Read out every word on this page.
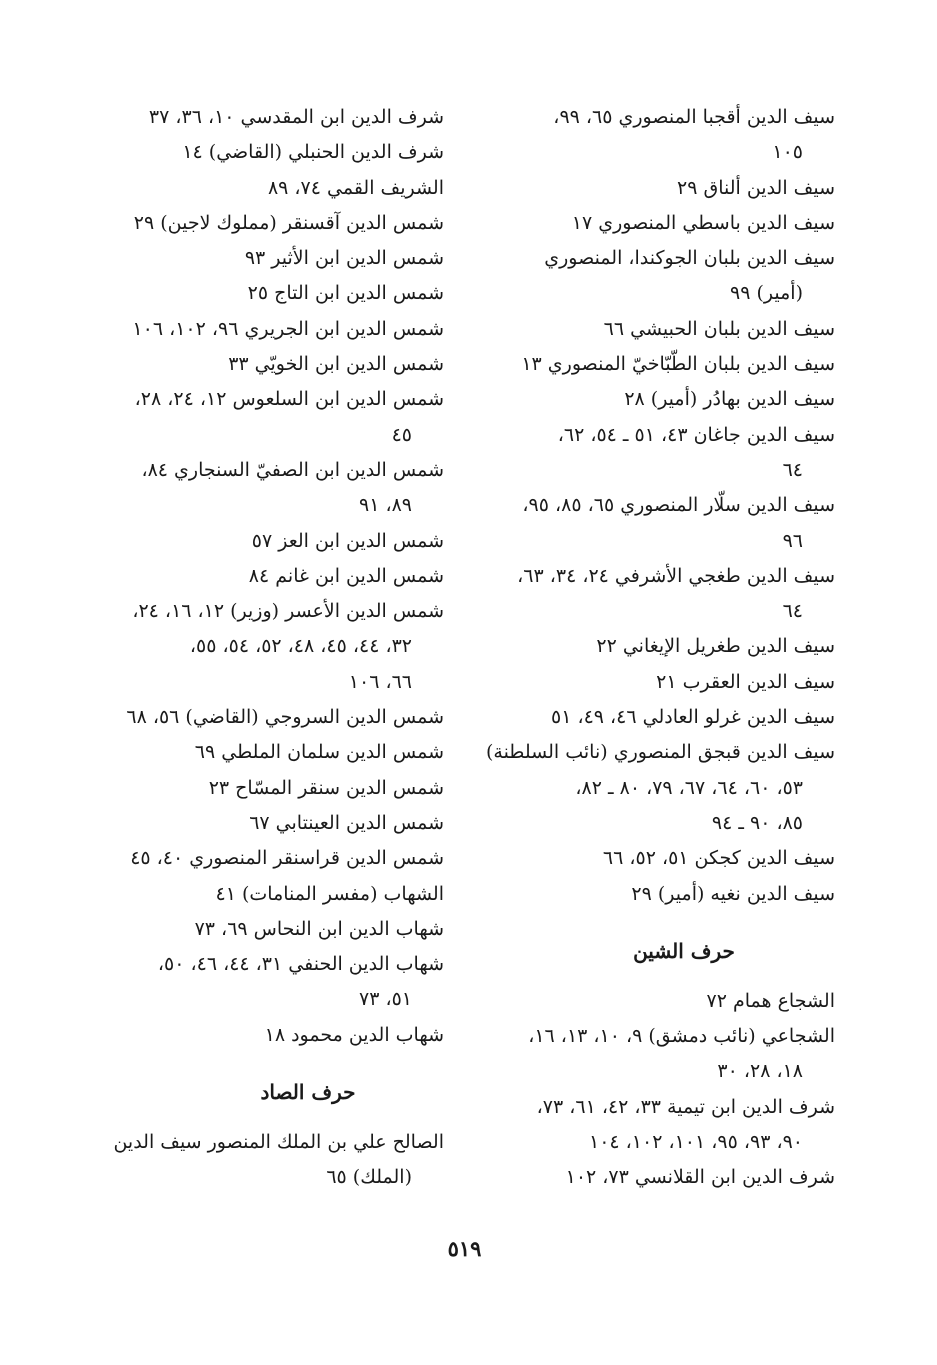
سيف الدين أقجبا المنصوري ٦٥، ٩٩،
١٠٥
سيف الدين ألناق ٢٩
سيف الدين باسطي المنصوري ١٧
سيف الدين بلبان الجوكندا، المنصوري
(أمير) ٩٩
سيف الدين بلبان الحبيشي ٦٦
سيف الدين بلبان الطّبّاخيّ المنصوري ١٣
سيف الدين بهادُر (أمير) ٢٨
سيف الدين جاغان ٤٣، ٥١ ـ ٥٤، ٦٢،
٦٤
سيف الدين سلّار المنصوري ٦٥، ٨٥، ٩٥،
٩٦
سيف الدين طغجي الأشرفي ٢٤، ٣٤، ٦٣،
٦٤
سيف الدين طغريل الإيغاني ٢٢
سيف الدين العقرب ٢١
سيف الدين غرلو العادلي ٤٦، ٤٩، ٥١
سيف الدين قبجق المنصوري (نائب السلطنة)
٥٣، ٦٠، ٦٤، ٦٧، ٧٩، ٨٠ ـ ٨٢،
٨٥، ٩٠ ـ ٩٤
سيف الدين كجكن ٥١، ٥٢، ٦٦
سيف الدين نغيه (أمير) ٢٩
حرف الشين
الشجاع همام ٧٢
الشجاعي (نائب دمشق) ٩، ١٠، ١٣، ١٦،
١٨، ٢٨، ٣٠
شرف الدين ابن تيمية ٣٣، ٤٢، ٦١، ٧٣،
٩٠، ٩٣، ٩٥، ١٠١، ١٠٢، ١٠٤
شرف الدين ابن القلانسي ٧٣، ١٠٢
شرف الدين ابن المقدسي ١٠، ٣٦، ٣٧
شرف الدين الحنبلي (القاضي) ١٤
الشريف القمي ٧٤، ٨٩
شمس الدين آقسنقر (مملوك لاجين) ٢٩
شمس الدين ابن الأثير ٩٣
شمس الدين ابن التاج ٢٥
شمس الدين ابن الجريري ٩٦، ١٠٢، ١٠٦
شمس الدين ابن الخويّي ٣٣
شمس الدين ابن السلعوس ١٢، ٢٤، ٢٨،
٤٥
شمس الدين ابن الصفيّ السنجاري ٨٤،
٨٩، ٩١
شمس الدين ابن العز ٥٧
شمس الدين ابن غانم ٨٤
شمس الدين الأعسر (وزير) ١٢، ١٦، ٢٤،
٣٢، ٤٤، ٤٥، ٤٨، ٥٢، ٥٤، ٥٥،
٦٦، ١٠٦
شمس الدين السروجي (القاضي) ٥٦، ٦٨
شمس الدين سلمان الملطي ٦٩
شمس الدين سنقر المسّاح ٢٣
شمس الدين العينتابي ٦٧
شمس الدين قراسنقر المنصوري ٤٠، ٤٥
الشهاب (مفسر المنامات) ٤١
شهاب الدين ابن النحاس ٦٩، ٧٣
شهاب الدين الحنفي ٣١، ٤٤، ٤٦، ٥٠،
٥١، ٧٣
شهاب الدين محمود ١٨
حرف الصاد
الصالح علي بن الملك المنصور سيف الدين
(الملك) ٦٥
٥١٩
